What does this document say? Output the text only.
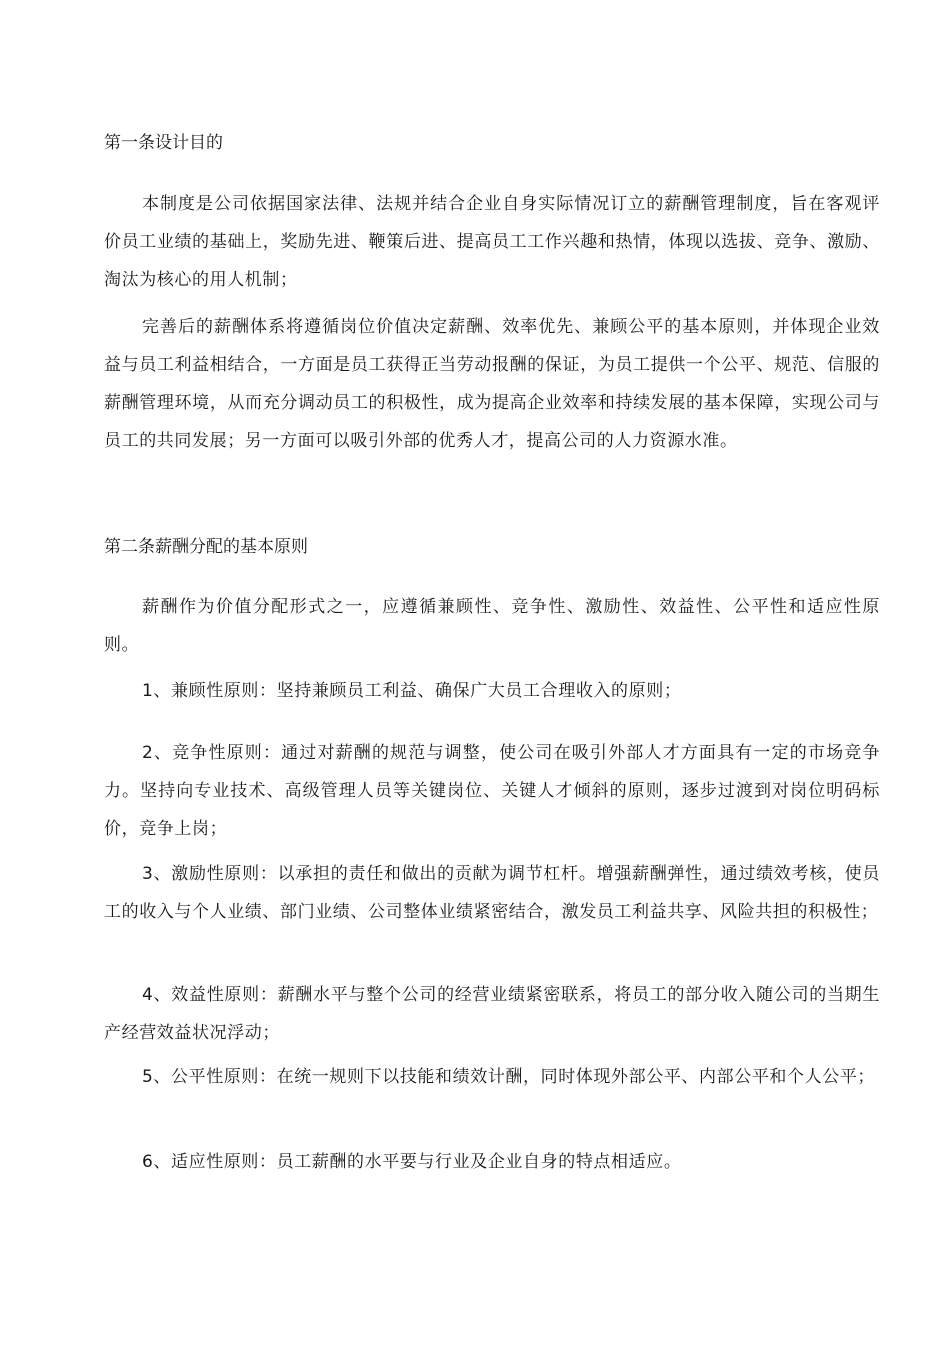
第一条设计目的

本制度是公司依据国家法律、法规并结合企业自身实际情况订立的薪酬管理制度，旨在客观评价员工业绩的基础上，奖励先进、鞭策后进、提高员工工作兴趣和热情，体现以选拔、竞争、激励、淘汰为核心的用人机制；

完善后的薪酬体系将遵循岗位价值决定薪酬、效率优先、兼顾公平的基本原则，并体现企业效益与员工利益相结合，一方面是员工获得正当劳动报酬的保证，为员工提供一个公平、规范、信服的薪酬管理环境，从而充分调动员工的积极性，成为提高企业效率和持续发展的基本保障，实现公司与员工的共同发展；另一方面可以吸引外部的优秀人才，提高公司的人力资源水准。

第二条薪酬分配的基本原则

薪酬作为价值分配形式之一，应遵循兼顾性、竞争性、激励性、效益性、公平性和适应性原则。

1、兼顾性原则：坚持兼顾员工利益、确保广大员工合理收入的原则；

2、竞争性原则：通过对薪酬的规范与调整，使公司在吸引外部人才方面具有一定的市场竞争力。坚持向专业技术、高级管理人员等关键岗位、关键人才倾斜的原则，逐步过渡到对岗位明码标价，竞争上岗；

3、激励性原则：以承担的责任和做出的贡献为调节杠杆。增强薪酬弹性，通过绩效考核，使员工的收入与个人业绩、部门业绩、公司整体业绩紧密结合，激发员工利益共享、风险共担的积极性；

4、效益性原则：薪酬水平与整个公司的经营业绩紧密联系，将员工的部分收入随公司的当期生产经营效益状况浮动；

5、公平性原则：在统一规则下以技能和绩效计酬，同时体现外部公平、内部公平和个人公平；

6、适应性原则：员工薪酬的水平要与行业及企业自身的特点相适应。
